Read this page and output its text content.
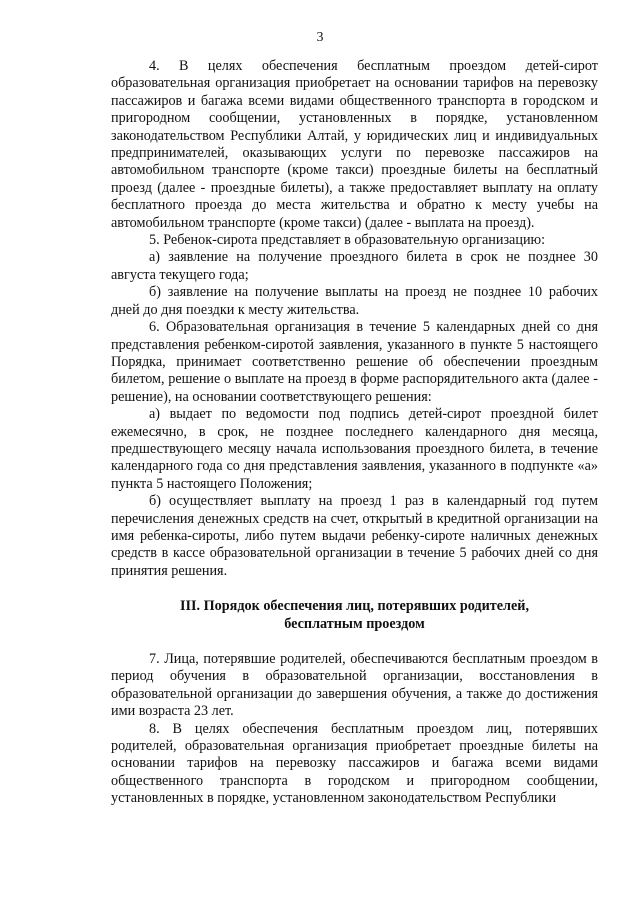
3

4. В целях обеспечения бесплатным проездом детей-сирот образовательная организация приобретает на основании тарифов на перевозку пассажиров и багажа всеми видами общественного транспорта в городском и пригородном сообщении, установленных в порядке, установленном законодательством Республики Алтай, у юридических лиц и индивидуальных предпринимателей, оказывающих услуги по перевозке пассажиров на автомобильном транспорте (кроме такси) проездные билеты на бесплатный проезд (далее - проездные билеты), а также предоставляет выплату на оплату бесплатного проезда до места жительства и обратно к месту учебы на автомобильном транспорте (кроме такси) (далее - выплата на проезд).

5. Ребенок-сирота представляет в образовательную организацию:

а) заявление на получение проездного билета в срок не позднее 30 августа текущего года;

б) заявление на получение выплаты на проезд не позднее 10 рабочих дней до дня поездки к месту жительства.

6. Образовательная организация в течение 5 календарных дней со дня представления ребенком-сиротой заявления, указанного в пункте 5 настоящего Порядка, принимает соответственно решение об обеспечении проездным билетом, решение о выплате на проезд в форме распорядительного акта (далее - решение), на основании соответствующего решения:

а) выдает по ведомости под подпись детей-сирот проездной билет ежемесячно, в срок, не позднее последнего календарного дня месяца, предшествующего месяцу начала использования проездного билета, в течение календарного года со дня представления заявления, указанного в подпункте «а» пункта 5 настоящего Положения;

б) осуществляет выплату на проезд 1 раз в календарный год путем перечисления денежных средств на счет, открытый в кредитной организации на имя ребенка-сироты, либо путем выдачи ребенку-сироте наличных денежных средств в кассе образовательной организации в течение 5 рабочих дней со дня принятия решения.

III. Порядок обеспечения лиц, потерявших родителей,
бесплатным проездом

7. Лица, потерявшие родителей, обеспечиваются бесплатным проездом в период обучения в образовательной организации, восстановления в образовательной организации до завершения обучения, а также до достижения ими возраста 23 лет.

8. В целях обеспечения бесплатным проездом лиц, потерявших родителей, образовательная организация приобретает проездные билеты на основании тарифов на перевозку пассажиров и багажа всеми видами общественного транспорта в городском и пригородном сообщении, установленных в порядке, установленном законодательством Республики
